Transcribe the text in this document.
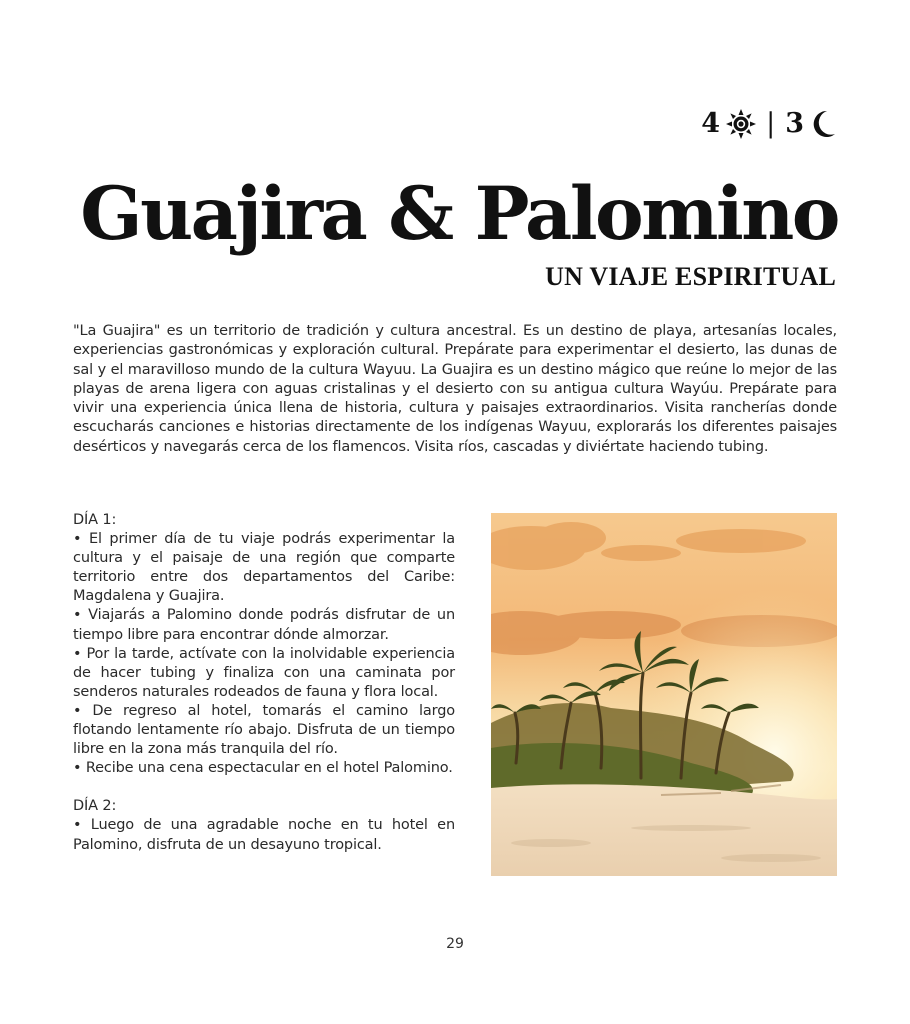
4 | 3
Guajira & Palomino
UN VIAJE ESPIRITUAL

"La Guajira" es un territorio de tradición y cultura ancestral. Es un destino de playa, artesanías locales, experiencias gastronómicas y exploración cultural. Prepárate para experimentar el desierto, las dunas de sal y el maravilloso mundo de la cultura Wayuu. La Guajira es un destino mágico que reúne lo mejor de las playas de arena ligera con aguas cristalinas y el desierto con su antigua cultura Wayúu. Prepárate para vivir una experiencia única llena de historia, cultura y paisajes extraordinarios. Visita rancherías donde escucharás canciones e historias directamente de los indígenas Wayuu, explorarás los diferentes paisajes desérticos y navegarás cerca de los flamencos. Visita ríos, cascadas y diviértate haciendo tubing.

DÍA 1:

• El primer día de tu viaje podrás experimentar la cultura y el paisaje de una región que comparte territorio entre dos departamentos del Caribe: Magdalena y Guajira.

• Viajarás a Palomino donde podrás disfrutar de un tiempo libre para encontrar dónde almorzar.

• Por la tarde, actívate con la inolvidable experiencia de hacer tubing y finaliza con una caminata por senderos naturales rodeados de fauna y flora local.

• De regreso al hotel, tomarás el camino largo flotando lentamente río abajo. Disfruta de un tiempo libre en la zona más tranquila del río.

• Recibe una cena espectacular en el hotel Palomino.

DÍA 2:

• Luego de una agradable noche en tu hotel en Palomino, disfruta de un desayuno tropical.

29
